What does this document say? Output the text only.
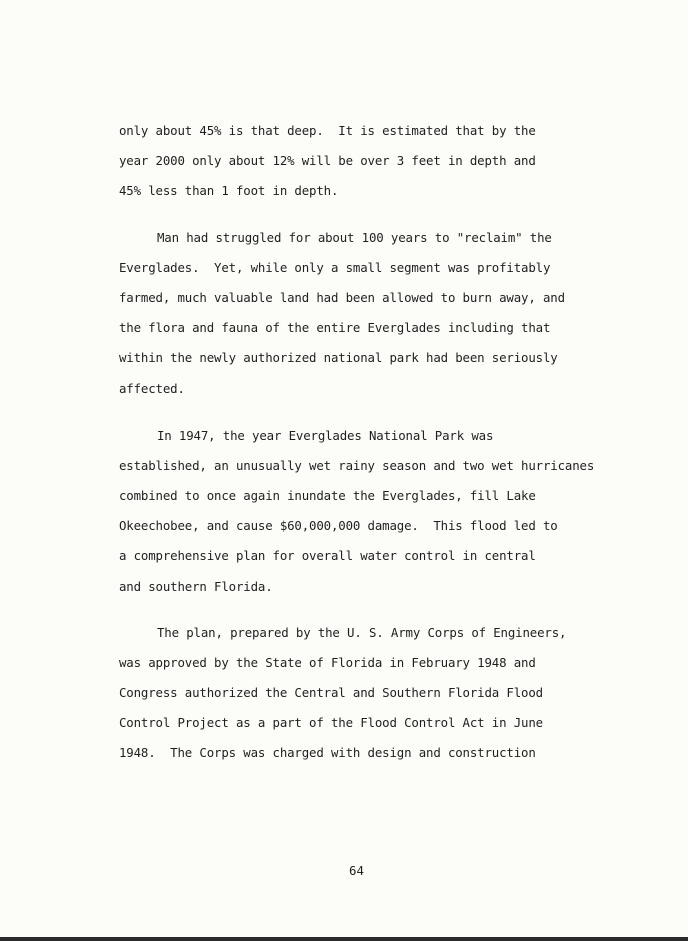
only about 45% is that deep.  It is estimated that by the
year 2000 only about 12% will be over 3 feet in depth and
45% less than 1 foot in depth.
Man had struggled for about 100 years to "reclaim" the
Everglades.  Yet, while only a small segment was profitably
farmed, much valuable land had been allowed to burn away, and
the flora and fauna of the entire Everglades including that
within the newly authorized national park had been seriously
affected.
In 1947, the year Everglades National Park was
established, an unusually wet rainy season and two wet hurricanes
combined to once again inundate the Everglades, fill Lake
Okeechobee, and cause $60,000,000 damage.  This flood led to
a comprehensive plan for overall water control in central
and southern Florida.
The plan, prepared by the U. S. Army Corps of Engineers,
was approved by the State of Florida in February 1948 and
Congress authorized the Central and Southern Florida Flood
Control Project as a part of the Flood Control Act in June
1948.  The Corps was charged with design and construction
64
